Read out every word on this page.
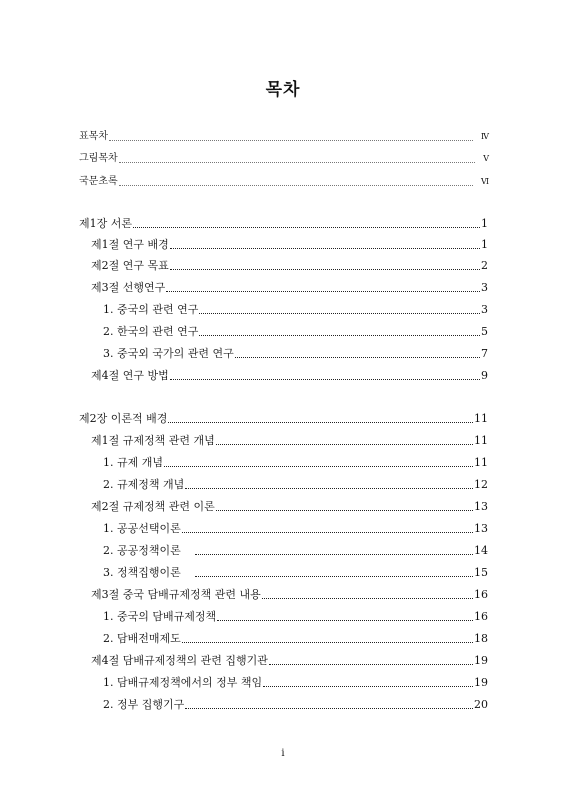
목차
표목차	Ⅳ
그림목차	Ⅴ
국문초록	Ⅵ
제1장 서론	1
제1절 연구 배경	1
제2절 연구 목표	2
제3절 선행연구	3
1. 중국의 관련 연구	3
2. 한국의 관련 연구	5
3. 중국외 국가의 관련 연구	7
제4절 연구 방법	9
제2장 이론적 배경	11
제1절 규제정책 관련 개념	11
1. 규제 개념	11
2. 규제정책 개념	12
제2절 규제정책 관련 이론	13
1. 공공선택이론	13
2. 공공정책이론	14
3. 정책집행이론	15
제3절 중국 담배규제정책 관련 내용	16
1. 중국의 담배규제정책	16
2. 담배전매제도	18
제4절 담배규제정책의 관련 집행기관	19
1. 담배규제정책에서의 정부 책임	19
2. 정부 집행기구	20
i
